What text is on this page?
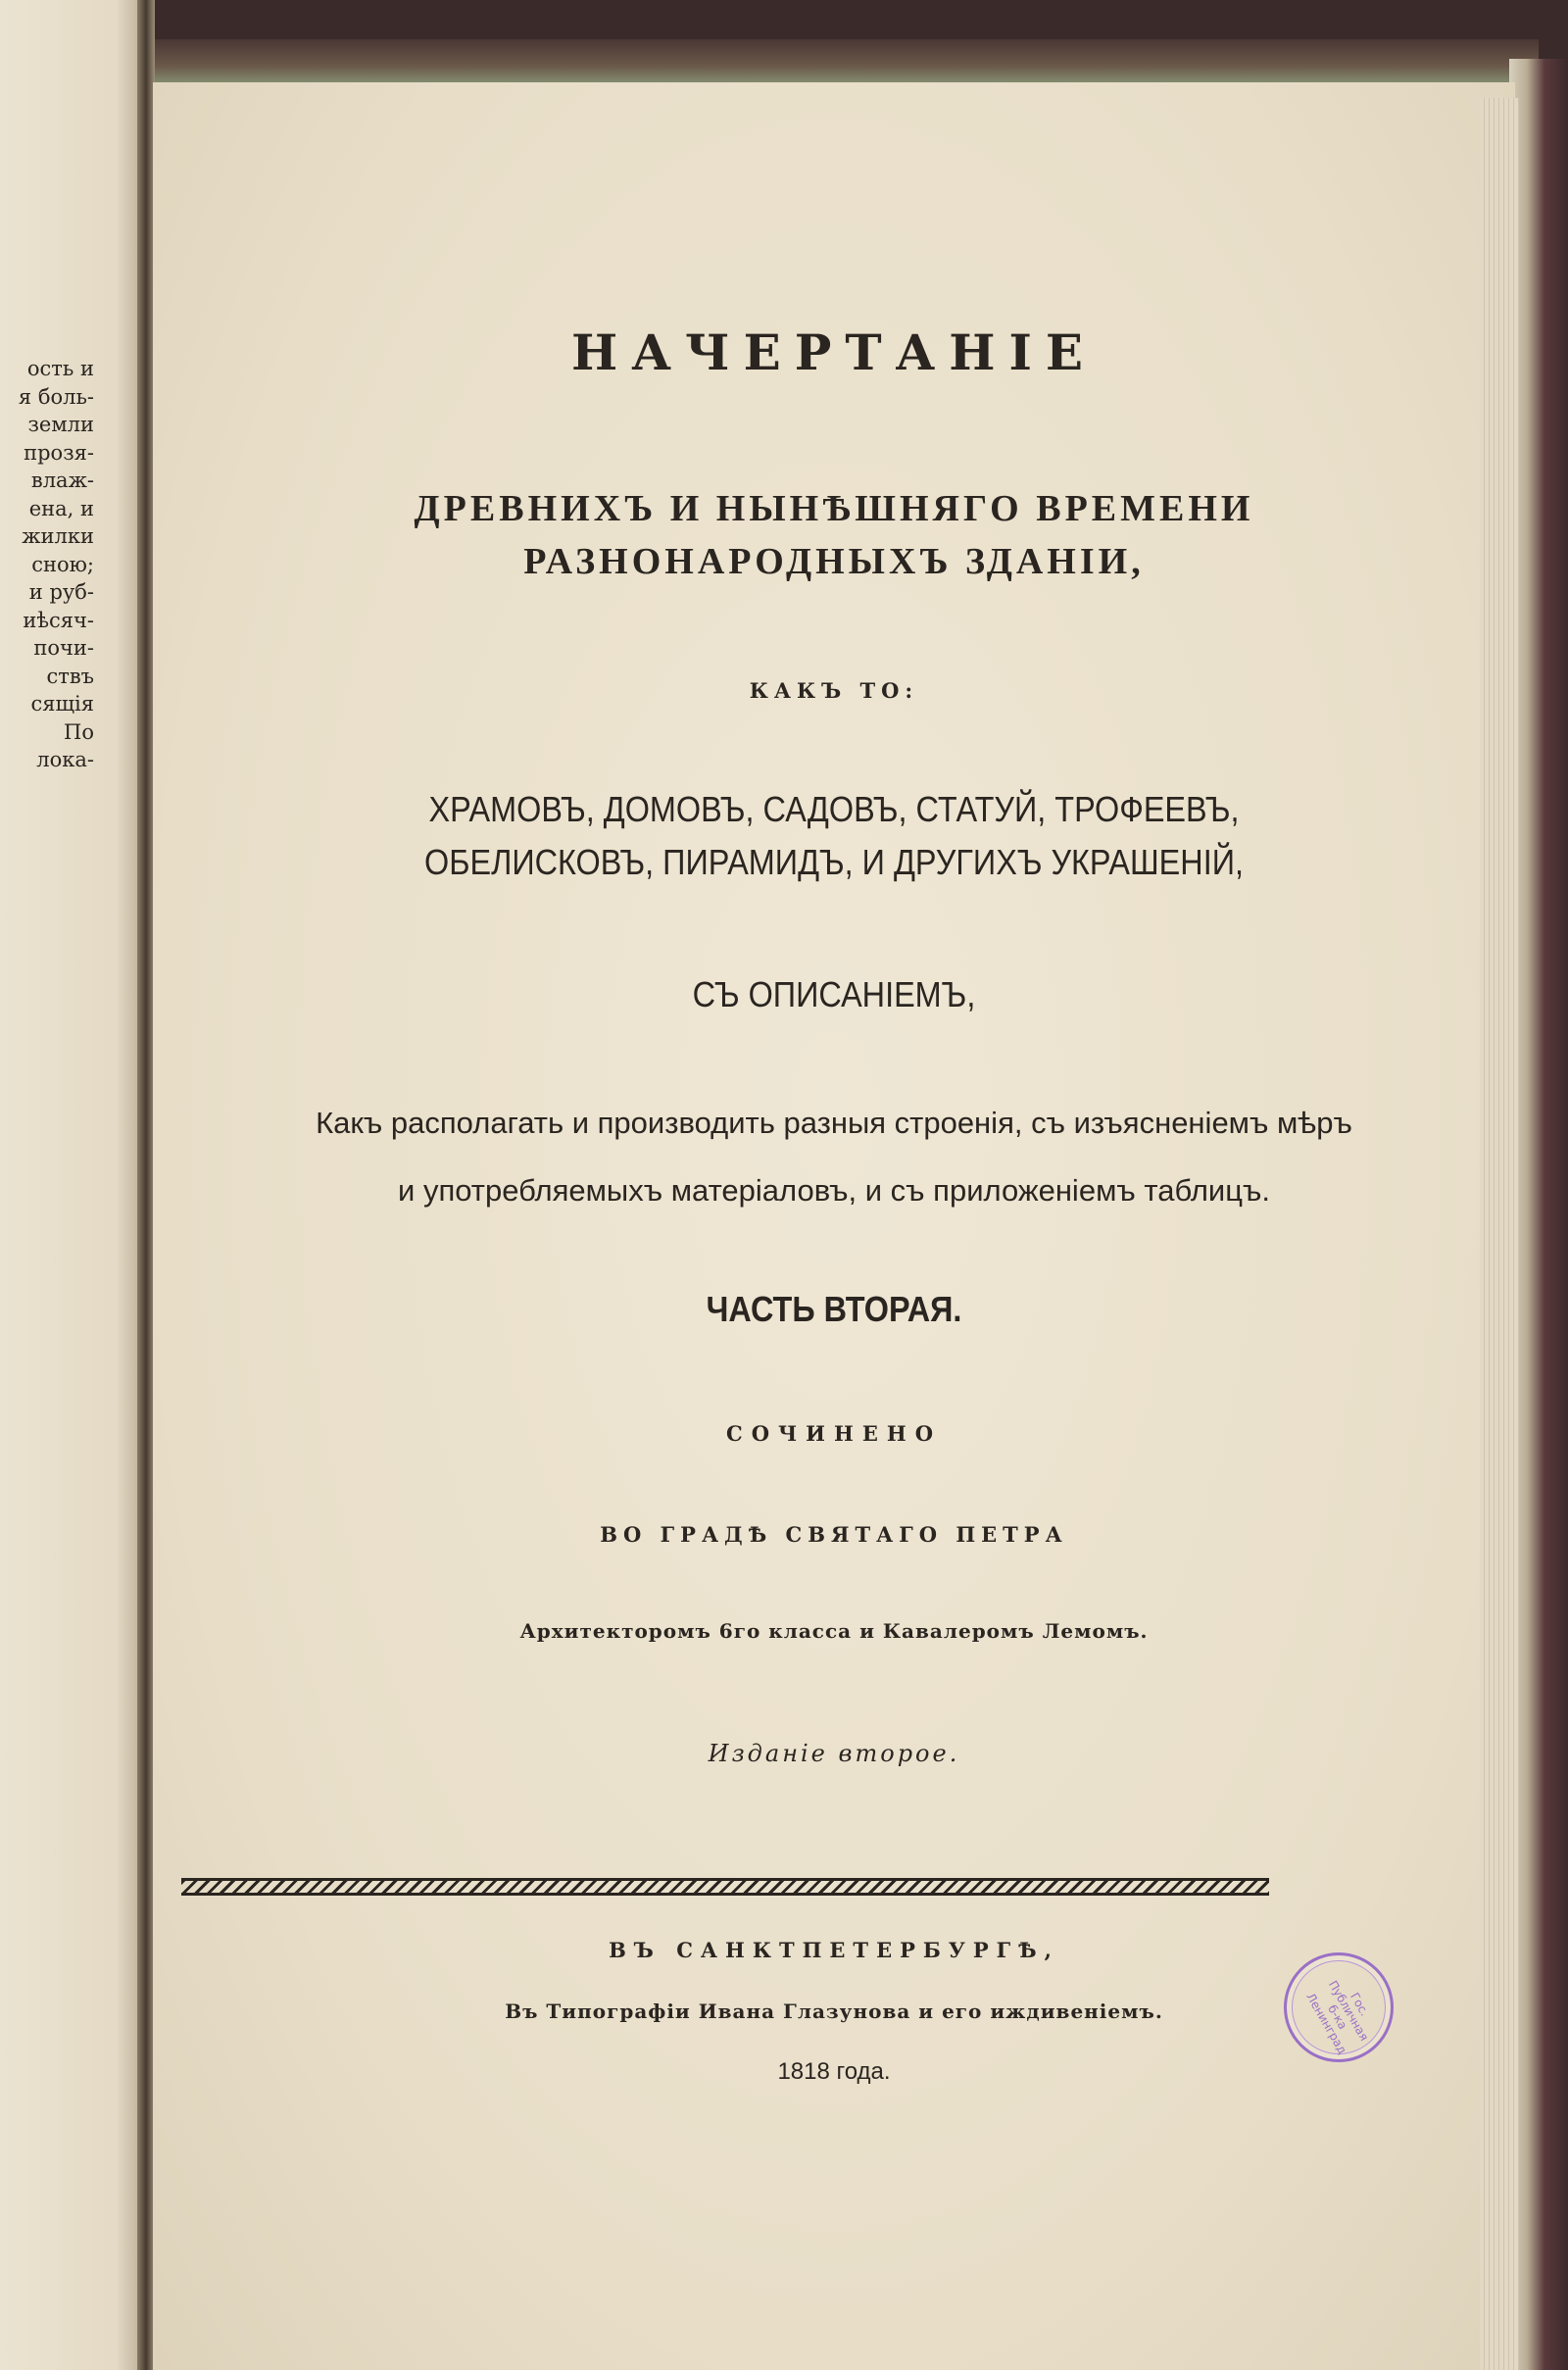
ость и
я боль-
земли
прозя-
влаж-
ена, и
жилки
сною;
и руб-
иѣсяч-
почи-
ствъ
сящія
По
лока-
НАЧЕРТАНІЕ
ДРЕВНИХЪ И НЫНѢШНЯГО ВРЕМЕНИ
РАЗНОНАРОДНЫХЪ ЗДАНІИ,
КАКЪ ТО:
ХРАМОВЪ, ДОМОВЪ, САДОВЪ, СТАТУЙ, ТРОФЕЕВЪ,
ОБЕЛИСКОВЪ, ПИРАМИДЪ, И ДРУГИХЪ УКРАШЕНІЙ,
СЪ ОПИСАНІЕМЪ,
Какъ располагать и производить разныя строенія, съ изъясненіемъ мѣръ
и употребляемыхъ матеріаловъ, и съ приложеніемъ таблицъ.
ЧАСТЬ ВТОРАЯ.
СОЧИНЕНО
ВО ГРАДѢ СВЯТАГО ПЕТРА
Архитекторомъ 6го класса и Кавалеромъ Лемомъ.
Изданіе второе.
ВЪ САНКТПЕТЕРБУРГѢ,
Въ Типографіи Ивана Глазунова и его иждивеніемъ.
1818 года.
Гос. Публичная б-ка Ленинград
